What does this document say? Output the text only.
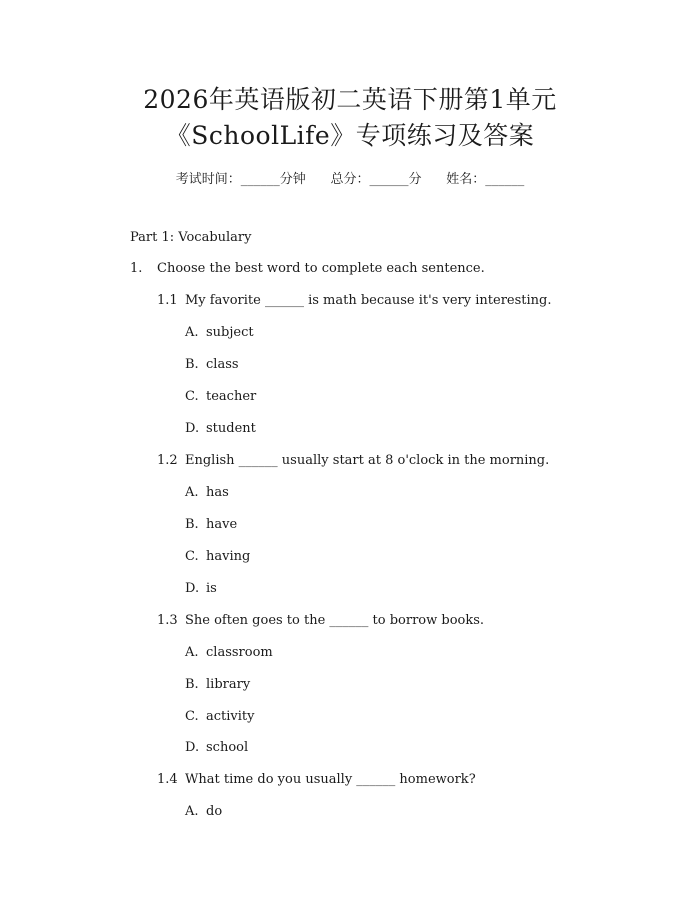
2026年英语版初二英语下册第1单元
《SchoolLife》专项练习及答案
考试时间：______分钟      总分：______分      姓名：______
Part 1: Vocabulary
1. Choose the best word to complete each sentence.
1.1 My favorite ______ is math because it's very interesting.
A. subject
B. class
C. teacher
D. student
1.2 English ______ usually start at 8 o'clock in the morning.
A. has
B. have
C. having
D. is
1.3 She often goes to the ______ to borrow books.
A. classroom
B. library
C. activity
D. school
1.4 What time do you usually ______ homework?
A. do
